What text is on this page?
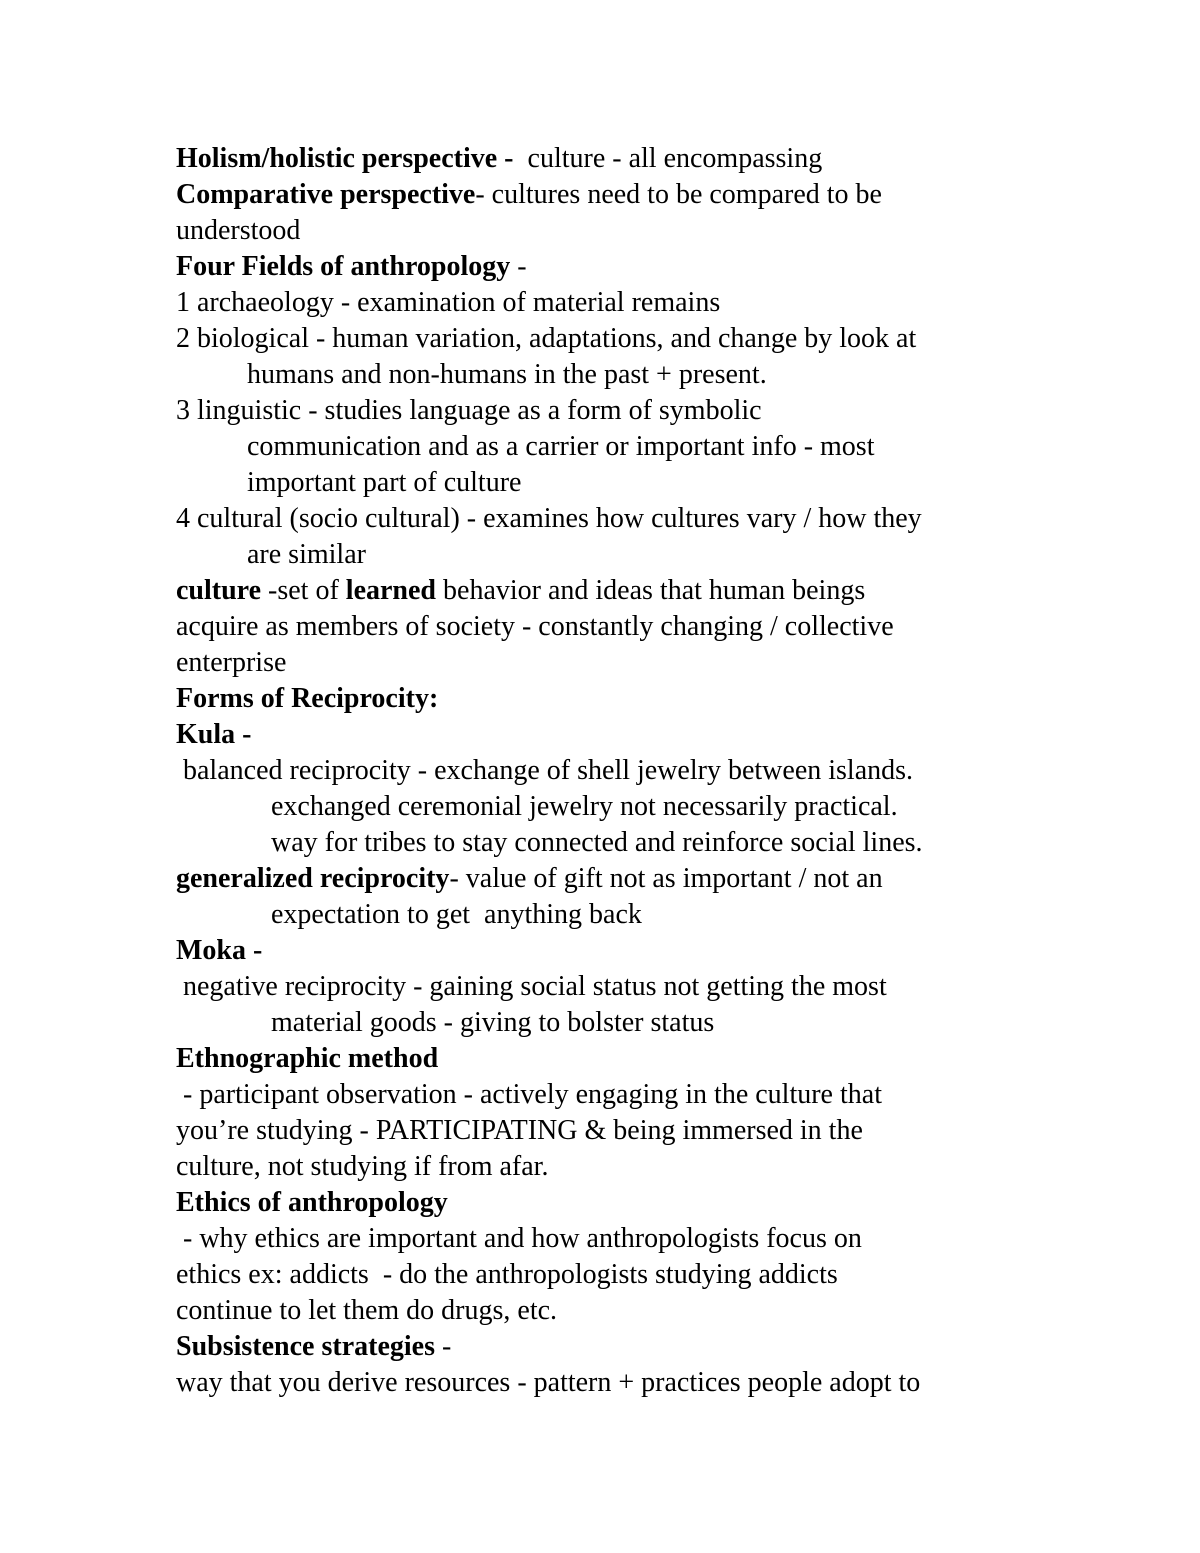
Holism/holistic perspective -  culture - all encompassing
Comparative perspective- cultures need to be compared to be
understood
Four Fields of anthropology -
1 archaeology - examination of material remains
2 biological - human variation, adaptations, and change by look at
humans and non-humans in the past + present.
3 linguistic - studies language as a form of symbolic
communication and as a carrier or important info - most
important part of culture
4 cultural (socio cultural) - examines how cultures vary / how they
are similar
culture -set of learned behavior and ideas that human beings
acquire as members of society - constantly changing / collective
enterprise
Forms of Reciprocity:
Kula -
balanced reciprocity - exchange of shell jewelry between islands.
exchanged ceremonial jewelry not necessarily practical.
way for tribes to stay connected and reinforce social lines.
generalized reciprocity- value of gift not as important / not an
expectation to get  anything back
Moka -
negative reciprocity - gaining social status not getting the most
material goods - giving to bolster status
Ethnographic method
- participant observation - actively engaging in the culture that
you’re studying - PARTICIPATING & being immersed in the
culture, not studying if from afar.
Ethics of anthropology
- why ethics are important and how anthropologists focus on
ethics ex: addicts  - do the anthropologists studying addicts
continue to let them do drugs, etc.
Subsistence strategies -
way that you derive resources - pattern + practices people adopt to
